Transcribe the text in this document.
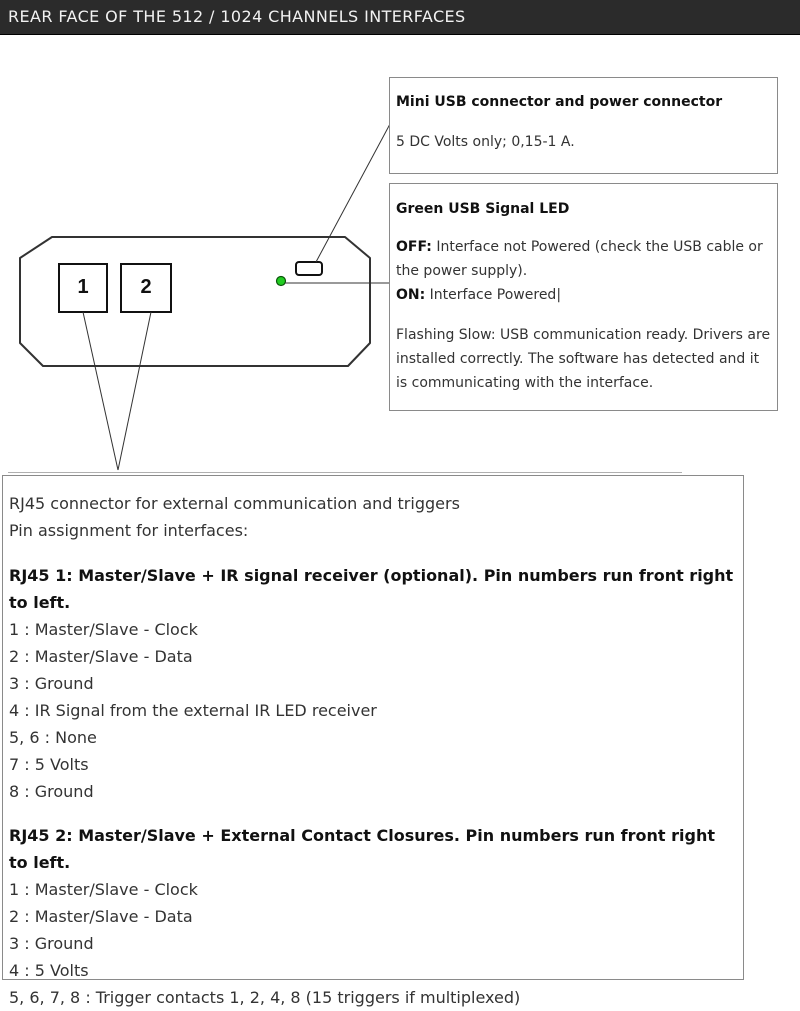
REAR FACE OF THE 512 / 1024 CHANNELS INTERFACES
1	2
Mini USB connector and power connector
5 DC Volts only; 0,15-1 A.
Green USB Signal LED
OFF: Interface not Powered (check the USB cable or the power supply).
ON: Interface Powered|
Flashing Slow: USB communication ready. Drivers are installed correctly. The software has detected and it is communicating with the interface.
RJ45 connector for external communication and triggers
Pin assignment for interfaces:
RJ45 1: Master/Slave + IR signal receiver (optional). Pin numbers run front right to left.
1 : Master/Slave - Clock
2 : Master/Slave - Data
3 : Ground
4 : IR Signal from the external IR LED receiver
5, 6 : None
7 : 5 Volts
8 : Ground
RJ45 2: Master/Slave + External Contact Closures. Pin numbers run front right to left.
1 : Master/Slave - Clock
2 : Master/Slave - Data
3 : Ground
4 : 5 Volts
5, 6, 7, 8 : Trigger contacts 1, 2, 4, 8 (15 triggers if multiplexed)
